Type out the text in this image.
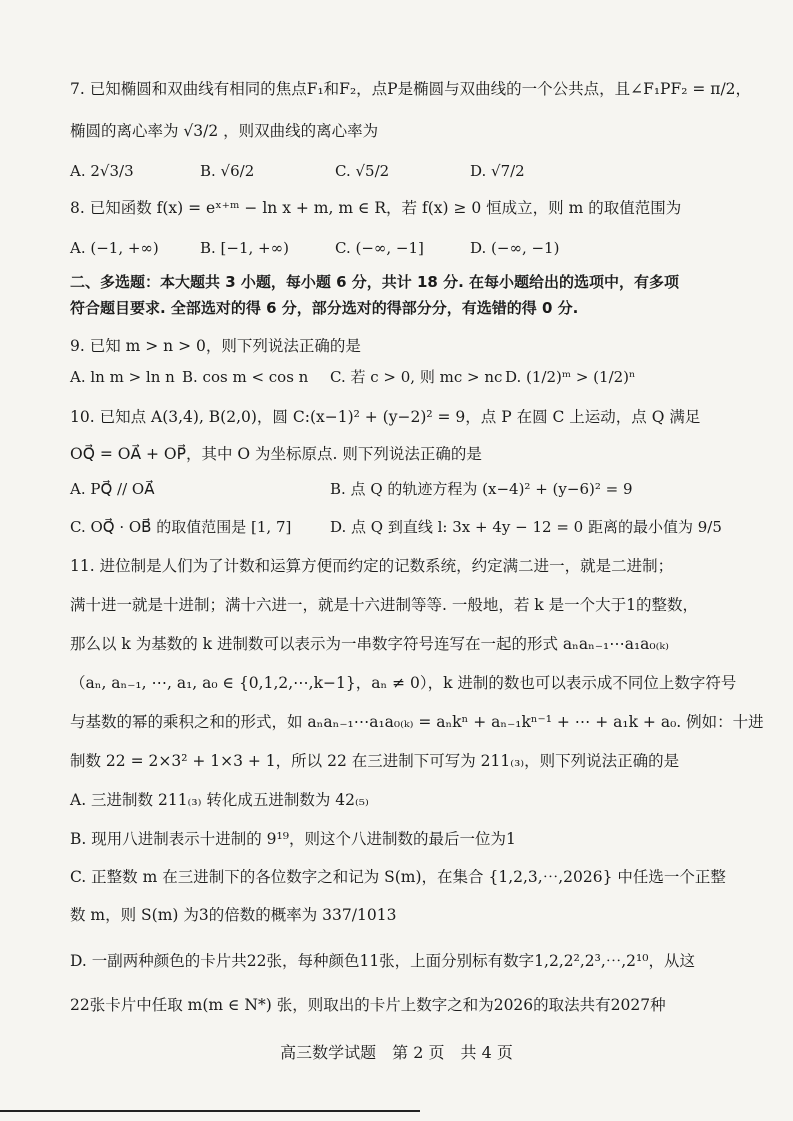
7. 已知椭圆和双曲线有相同的焦点F₁和F₂，点P是椭圆与双曲线的一个公共点，且∠F₁PF₂ = π/2，
椭圆的离心率为 √3/2 ，则双曲线的离心率为
A. 2√3/3	B. √6/2	C. √5/2	D. √7/2
8. 已知函数 f(x) = eˣ⁺ᵐ − ln x + m, m ∈ R，若 f(x) ≥ 0 恒成立，则 m 的取值范围为
A. (−1, +∞)	B. [−1, +∞)	C. (−∞, −1]	D. (−∞, −1)
二、多选题：本大题共 3 小题，每小题 6 分，共计 18 分. 在每小题给出的选项中，有多项
符合题目要求. 全部选对的得 6 分，部分选对的得部分分，有选错的得 0 分.
9. 已知 m > n > 0，则下列说法正确的是
A. ln m > ln n B. cos m < cos n C. 若 c > 0, 则 mc > nc D. (1/2)ᵐ > (1/2)ⁿ
10. 已知点 A(3,4), B(2,0)，圆 C:(x−1)² + (y−2)² = 9，点 P 在圆 C 上运动，点 Q 满足
OQ⃗ = OA⃗ + OP⃗，其中 O 为坐标原点. 则下列说法正确的是
A. PQ⃗ // OA⃗	B. 点 Q 的轨迹方程为 (x−4)² + (y−6)² = 9
C. OQ⃗ · OB⃗ 的取值范围是 [1, 7]	D. 点 Q 到直线 l: 3x + 4y − 12 = 0 距离的最小值为 9/5
11. 进位制是人们为了计数和运算方便而约定的记数系统，约定满二进一，就是二进制；
满十进一就是十进制；满十六进一，就是十六进制等等. 一般地，若 k 是一个大于1的整数，
那么以 k 为基数的 k 进制数可以表示为一串数字符号连写在一起的形式 aₙaₙ₋₁⋯a₁a₀₍ₖ₎
（aₙ, aₙ₋₁, ⋯, a₁, a₀ ∈ {0,1,2,⋯,k−1}，aₙ ≠ 0），k 进制的数也可以表示成不同位上数字符号
与基数的幂的乘积之和的形式，如 aₙaₙ₋₁⋯a₁a₀₍ₖ₎ = aₙkⁿ + aₙ₋₁kⁿ⁻¹ + ⋯ + a₁k + a₀. 例如：十进
制数 22 = 2×3² + 1×3 + 1，所以 22 在三进制下可写为 211₍₃₎，则下列说法正确的是
A. 三进制数 211₍₃₎ 转化成五进制数为 42₍₅₎
B. 现用八进制表示十进制的 9¹⁹，则这个八进制数的最后一位为1
C. 正整数 m 在三进制下的各位数字之和记为 S(m)，在集合 {1,2,3,⋯,2026} 中任选一个正整
数 m，则 S(m) 为3的倍数的概率为 337/1013
D. 一副两种颜色的卡片共22张，每种颜色11张，上面分别标有数字1,2,2²,2³,⋯,2¹⁰，从这
22张卡片中任取 m(m ∈ N*) 张，则取出的卡片上数字之和为2026的取法共有2027种
高三数学试题　第 2 页　共 4 页
